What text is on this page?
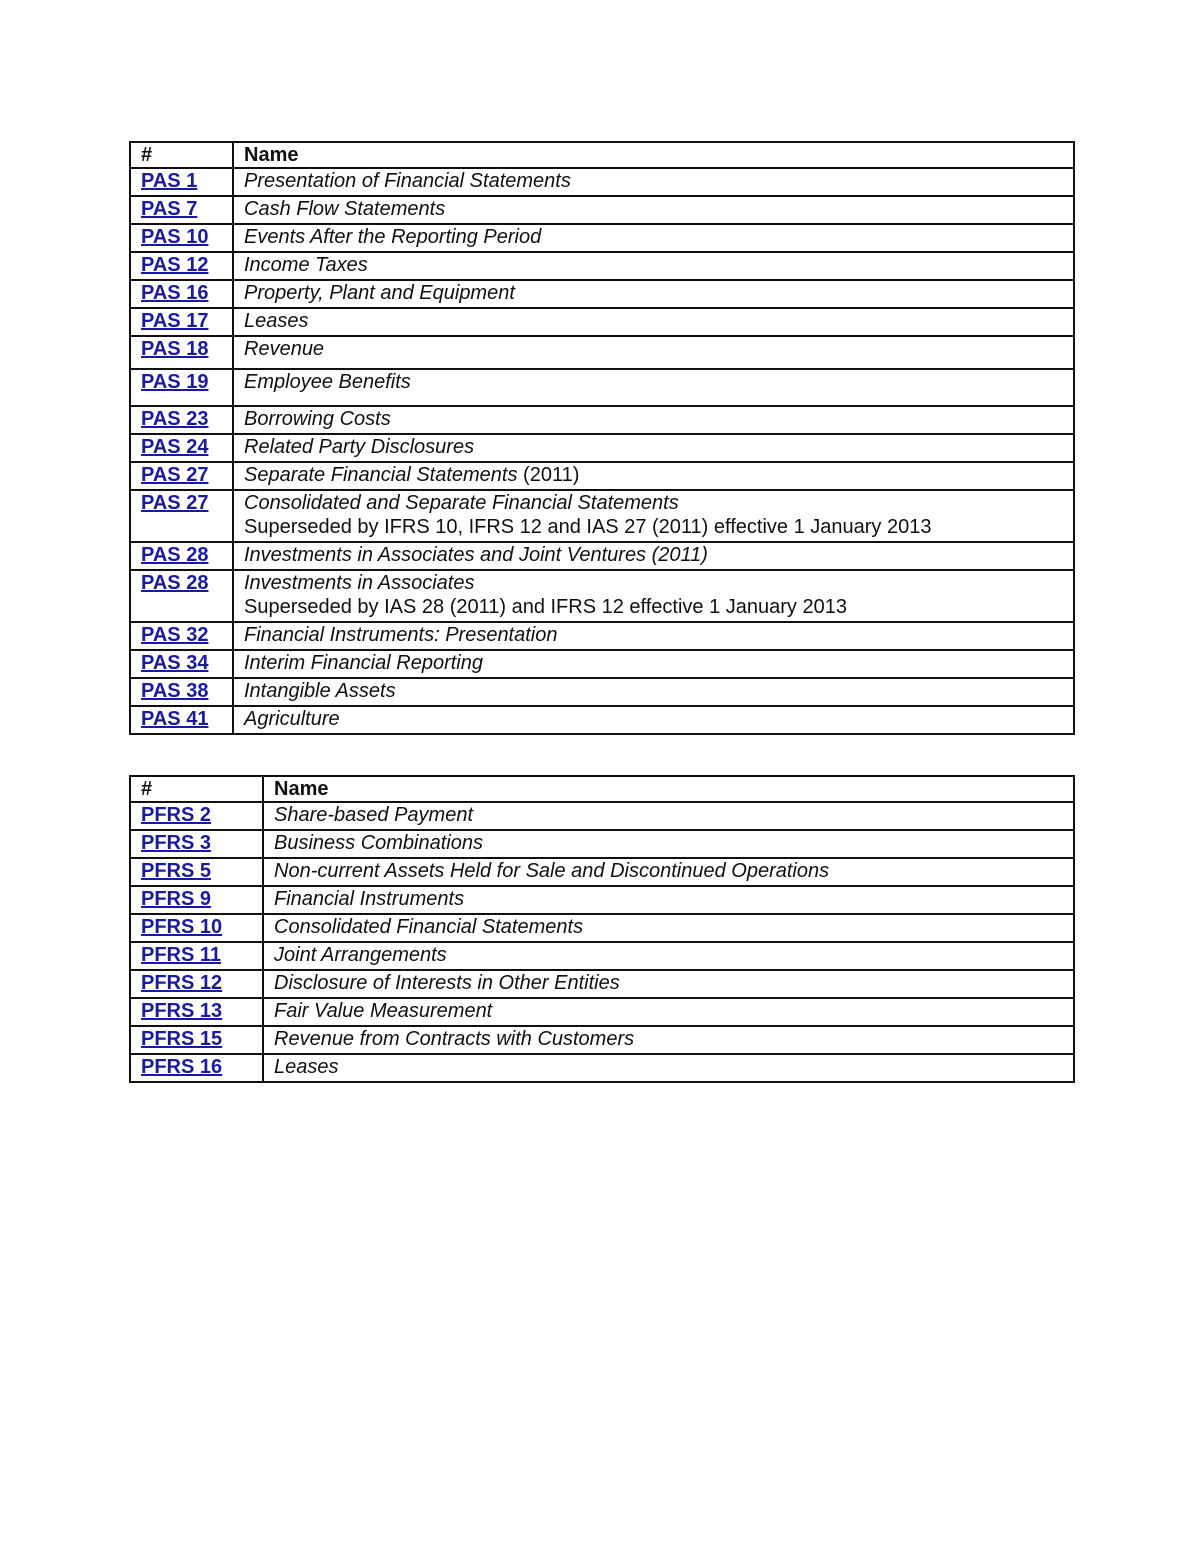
#	Name
PAS 1	Presentation of Financial Statements

PAS 7	Cash Flow Statements

PAS 10	Events After the Reporting Period

PAS 12	Income Taxes

PAS 16	Property, Plant and Equipment

PAS 17	Leases

PAS 18	Revenue

PAS 19	Employee Benefits

PAS 23	Borrowing Costs

PAS 24	Related Party Disclosures

PAS 27	Separate Financial Statements (2011)

PAS 27	Consolidated and Separate Financial Statements
Superseded by IFRS 10, IFRS 12 and IAS 27 (2011) effective 1 January 2013

PAS 28	Investments in Associates and Joint Ventures (2011)

PAS 28	Investments in Associates
Superseded by IAS 28 (2011) and IFRS 12 effective 1 January 2013

PAS 32	Financial Instruments: Presentation

PAS 34	Interim Financial Reporting

PAS 38	Intangible Assets

PAS 41	Agriculture
#	Name
PFRS 2	Share-based Payment

PFRS 3	Business Combinations

PFRS 5	Non-current Assets Held for Sale and Discontinued Operations

PFRS 9	Financial Instruments

PFRS 10	Consolidated Financial Statements

PFRS 11	Joint Arrangements

PFRS 12	Disclosure of Interests in Other Entities

PFRS 13	Fair Value Measurement

PFRS 15	Revenue from Contracts with Customers

PFRS 16	Leases
